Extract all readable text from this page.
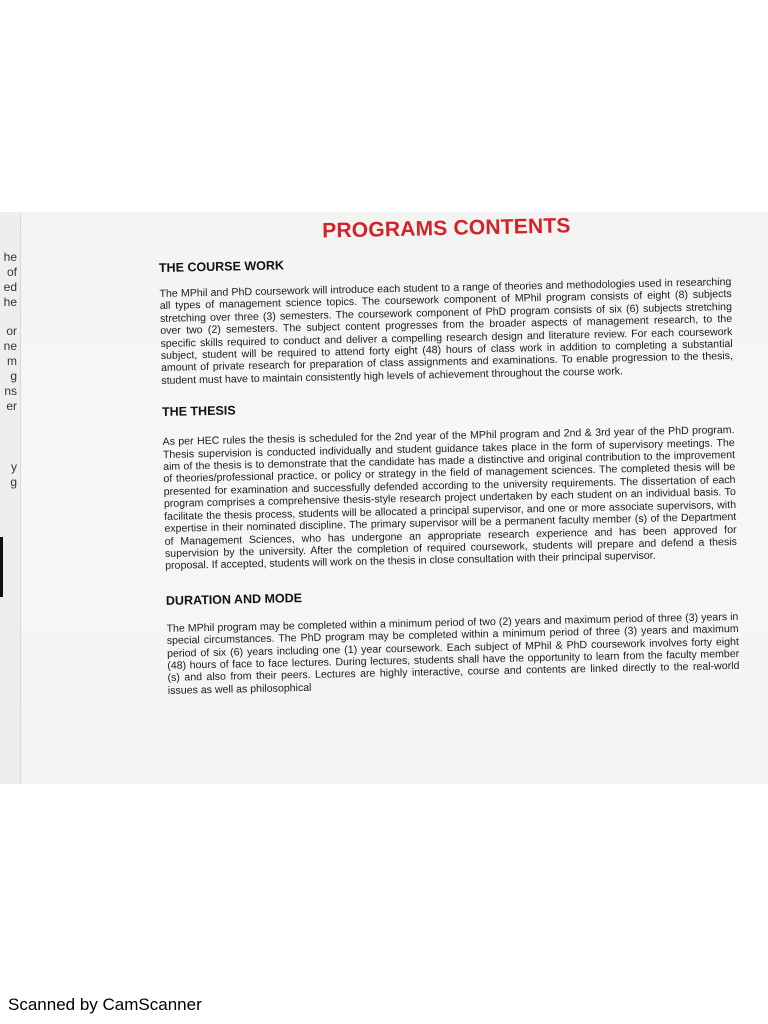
he
of
ed
he
or
ne
m
g
ns
er
y
g
PROGRAMS CONTENTS
THE COURSE WORK

The MPhil and PhD coursework will introduce each student to a range of theories and methodologies used in researching all types of management science topics. The coursework component of MPhil program consists of eight (8) subjects stretching over three (3) semesters. The coursework component of PhD program consists of six (6) subjects stretching over two (2) semesters. The subject content progresses from the broader aspects of management research, to the specific skills required to conduct and deliver a compelling research design and literature review. For each coursework subject, student will be required to attend forty eight (48) hours of class work in addition to completing a substantial amount of private research for preparation of class assignments and examinations. To enable progression to the thesis, student must have to maintain consistently high levels of achievement throughout the course work.

THE THESIS

As per HEC rules the thesis is scheduled for the 2nd year of the MPhil program and 2nd & 3rd year of the PhD program. Thesis supervision is conducted individually and student guidance takes place in the form of supervisory meetings. The aim of the thesis is to demonstrate that the candidate has made a distinctive and original contribution to the improvement of theories/professional practice, or policy or strategy in the field of management sciences. The completed thesis will be presented for examination and successfully defended according to the university requirements. The dissertation of each program comprises a comprehensive thesis-style research project undertaken by each student on an individual basis. To facilitate the thesis process, students will be allocated a principal supervisor, and one or more associate supervisors, with expertise in their nominated discipline. The primary supervisor will be a permanent faculty member (s) of the Department of Management Sciences, who has undergone an appropriate research experience and has been approved for supervision by the university. After the completion of required coursework, students will prepare and defend a thesis proposal. If accepted, students will work on the thesis in close consultation with their principal supervisor.

DURATION AND MODE

The MPhil program may be completed within a minimum period of two (2) years and maximum period of three (3) years in special circumstances. The PhD program may be completed within a minimum period of three (3) years and maximum period of six (6) years including one (1) year coursework. Each subject of MPhil & PhD coursework involves forty eight (48) hours of face to face lectures. During lectures, students shall have the opportunity to learn from the faculty member (s) and also from their peers. Lectures are highly interactive, course and contents are linked directly to the real-world issues as well as philosophical

Scanned by CamScanner
